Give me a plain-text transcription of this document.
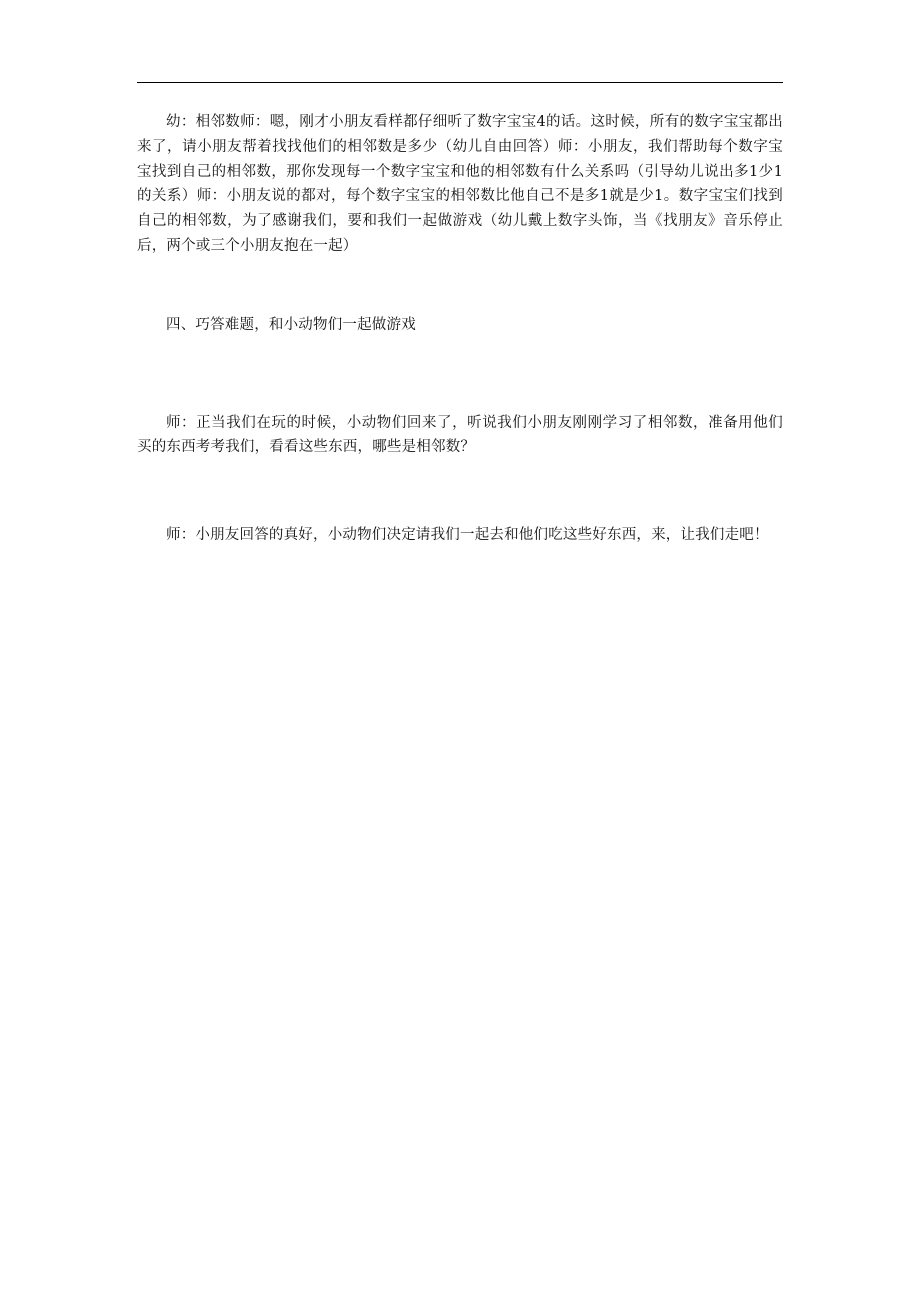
幼：相邻数师：嗯，刚才小朋友看样都仔细听了数字宝宝4的话。这时候，所有的数字宝宝都出来了，请小朋友帮着找找他们的相邻数是多少（幼儿自由回答）师：小朋友，我们帮助每个数字宝宝找到自己的相邻数，那你发现每一个数字宝宝和他的相邻数有什么关系吗（引导幼儿说出多1少1的关系）师：小朋友说的都对，每个数字宝宝的相邻数比他自己不是多1就是少1。数字宝宝们找到自己的相邻数，为了感谢我们，要和我们一起做游戏（幼儿戴上数字头饰，当《找朋友》音乐停止后，两个或三个小朋友抱在一起）

四、巧答难题，和小动物们一起做游戏

师：正当我们在玩的时候，小动物们回来了，听说我们小朋友刚刚学习了相邻数，准备用他们买的东西考考我们，看看这些东西，哪些是相邻数？

师：小朋友回答的真好，小动物们决定请我们一起去和他们吃这些好东西，来，让我们走吧！
